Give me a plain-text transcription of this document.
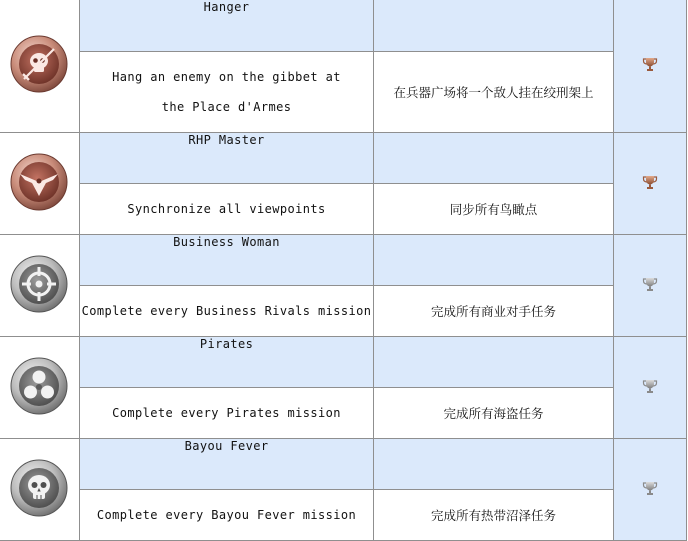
	Hanger		

	Hang an enemy on the gibbet at the Place d'Armes	在兵器广场将一个敌人挂在绞刑架上	
	RHP Master		
	Synchronize all viewpoints	同步所有鸟瞰点	
	Business Woman		
	Complete every Business Rivals mission	完成所有商业对手任务	
	Pirates		
	Complete every Pirates mission	完成所有海盗任务	
	Bayou Fever		
	Complete every Bayou Fever mission	完成所有热带沼泽任务	
